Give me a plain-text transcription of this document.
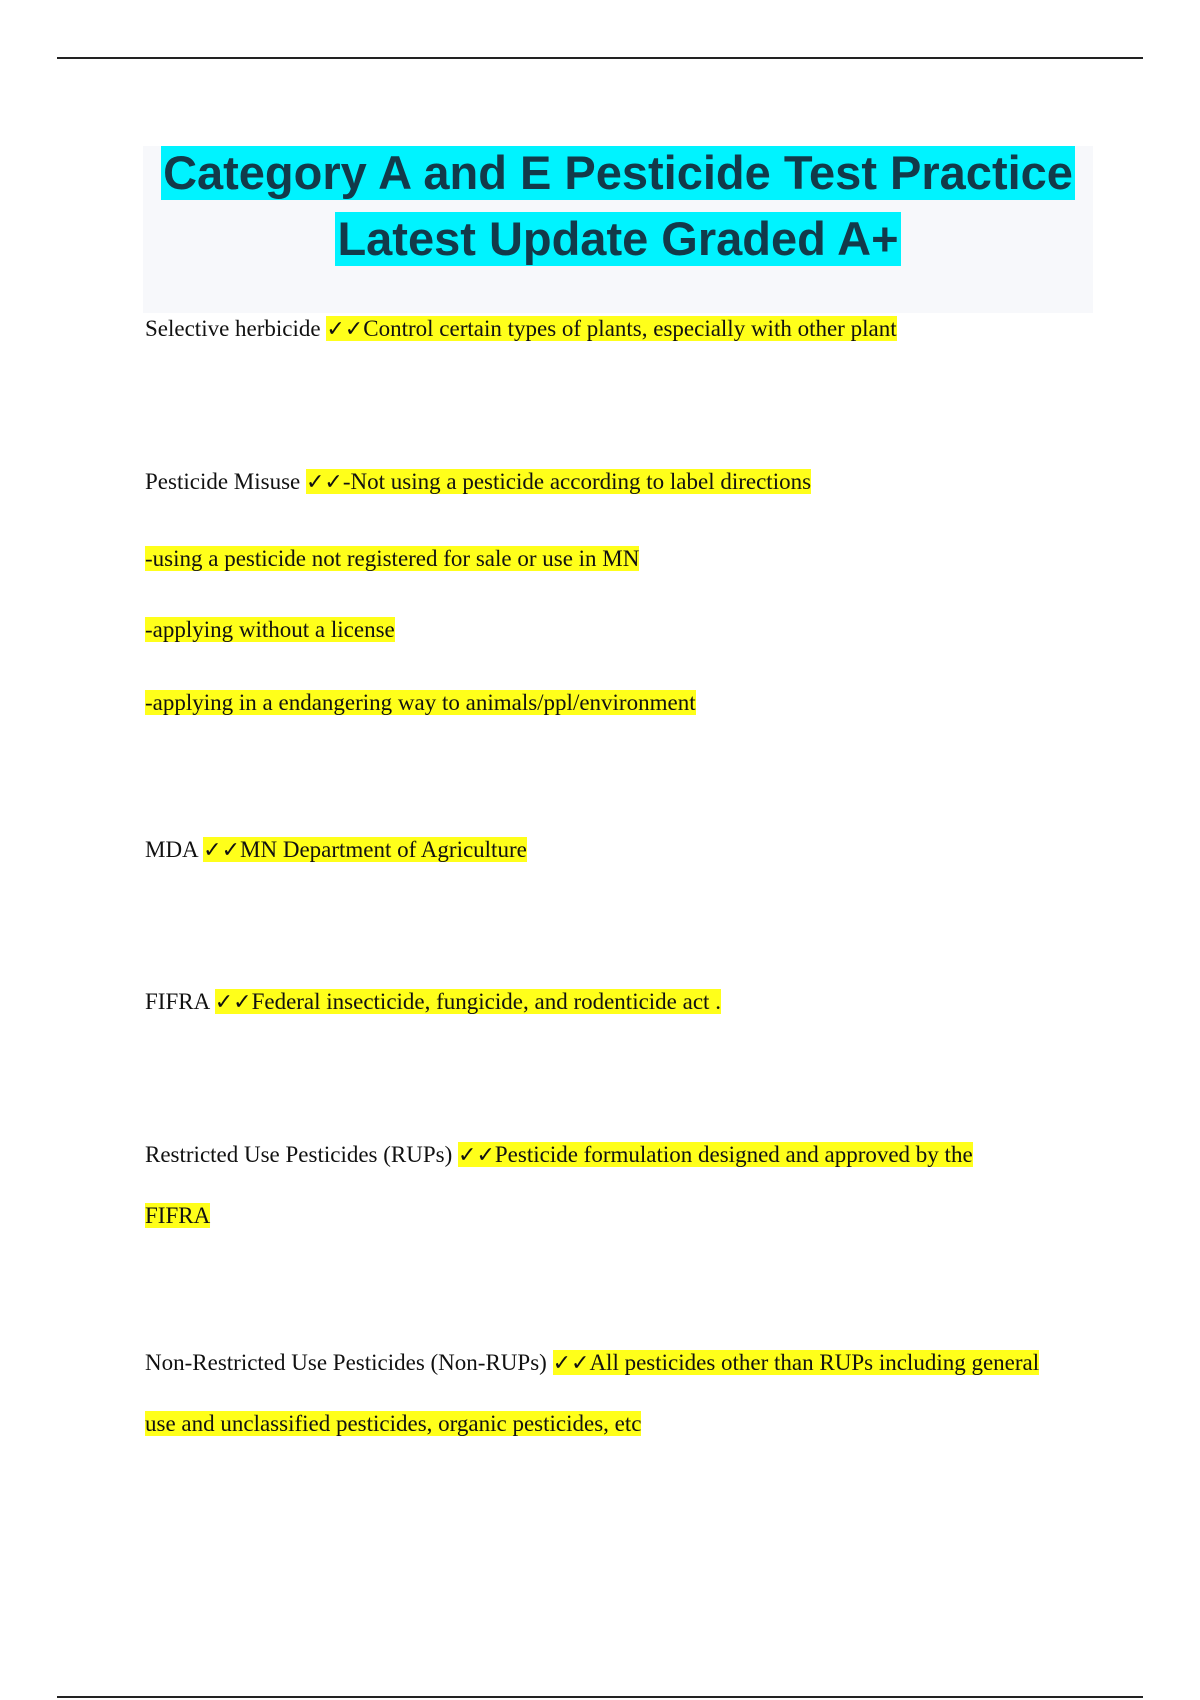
Category A and E Pesticide Test Practice
Latest Update Graded A+
Selective herbicide ✓✓Control certain types of plants, especially with other plant
Pesticide Misuse ✓✓-Not using a pesticide according to label directions
-using a pesticide not registered for sale or use in MN
-applying without a license
-applying in a endangering way to animals/ppl/environment
MDA ✓✓MN Department of Agriculture
FIFRA ✓✓Federal insecticide, fungicide, and rodenticide act .
Restricted Use Pesticides (RUPs) ✓✓Pesticide formulation designed and approved by the
FIFRA
Non-Restricted Use Pesticides (Non-RUPs) ✓✓All pesticides other than RUPs including general
use and unclassified pesticides, organic pesticides, etc
